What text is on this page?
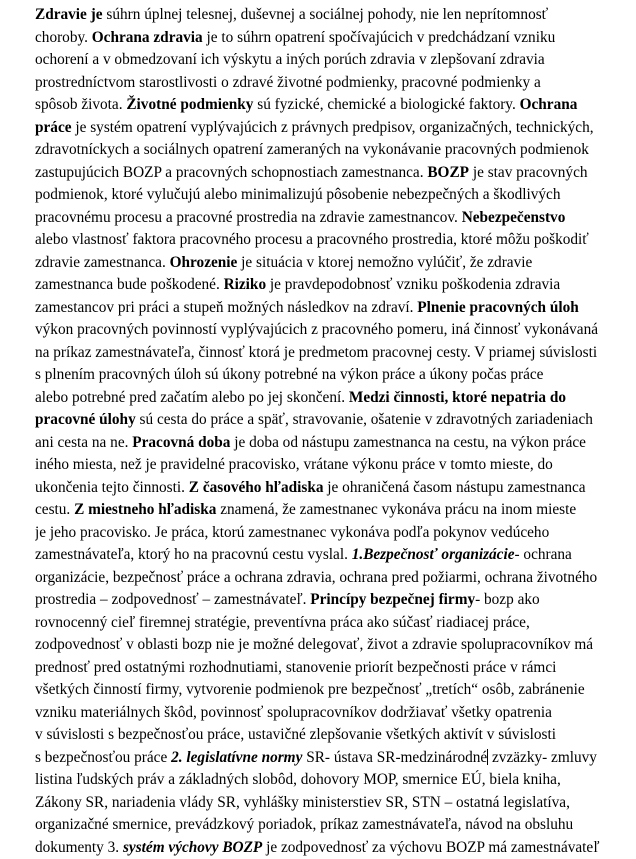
Zdravie je súhrn úplnej telesnej, duševnej a sociálnej pohody, nie len neprítomnosť
choroby. Ochrana zdravia je to súhrn opatrení spočívajúcich v predchádzaní vzniku
ochorení a v obmedzovaní ich výskytu a iných porúch zdravia v zlepšovaní zdravia
prostredníctvom starostlivosti o zdravé životné podmienky, pracovné podmienky a
spôsob života. Životné podmienky sú fyzické, chemické a biologické faktory. Ochrana
práce je systém opatrení vyplývajúcich z právnych predpisov, organizačných, technických,
zdravotníckych a sociálnych opatrení zameraných na vykonávanie pracovných podmienok
zastupujúcich BOZP a pracovných schopnostiach zamestnanca. BOZP je stav pracovných
podmienok, ktoré vylučujú alebo minimalizujú pôsobenie nebezpečných a škodlivých
pracovnému procesu a pracovné prostredia na zdravie zamestnancov. Nebezpečenstvo
alebo vlastnosť faktora pracovného procesu a pracovného prostredia, ktoré môžu poškodiť
zdravie zamestnanca. Ohrozenie je situácia v ktorej nemožno vylúčiť, že zdravie
zamestnanca bude poškodené. Riziko je pravdepodobnosť vzniku poškodenia zdravia
zamestancov pri práci a stupeň možných následkov na zdraví. Plnenie pracovných úloh
výkon pracovných povinností vyplývajúcich z pracovného pomeru, iná činnosť vykonávaná
na príkaz zamestnávateľa, činnosť ktorá je predmetom pracovnej cesty. V priamej súvislosti
s plnením pracovných úloh sú úkony potrebné na výkon práce a úkony počas práce
alebo potrebné pred začatím alebo po jej skončení. Medzi činnosti, ktoré nepatria do
pracovné úlohy sú cesta do práce a späť, stravovanie, ošatenie v zdravotných zariadeniach
ani cesta na ne. Pracovná doba je doba od nástupu zamestnanca na cestu, na výkon práce
iného miesta, než je pravidelné pracovisko, vrátane výkonu práce v tomto mieste, do
ukončenia tejto činnosti. Z časového hľadiska je ohraničená časom nástupu zamestnanca
cestu. Z miestneho hľadiska znamená, že zamestnanec vykonáva prácu na inom mieste
je jeho pracovisko. Je práca, ktorú zamestnanec vykonáva podľa pokynov vedúceho
zamestnávateľa, ktorý ho na pracovnú cestu vyslal. 1.Bezpečnosť organizácie- ochrana
organizácie, bezpečnosť práce a ochrana zdravia, ochrana pred požiarmi, ochrana životného
prostredia – zodpovednosť – zamestnávateľ. Princípy bezpečnej firmy- bozp ako
rovnocenný cieľ firemnej stratégie, preventívna práca ako súčasť riadiacej práce,
zodpovednosť v oblasti bozp nie je možné delegovať, život a zdravie spolupracovníkov má
prednosť pred ostatnými rozhodnutiami, stanovenie priorít bezpečnosti práce v rámci
všetkých činností firmy, vytvorenie podmienok pre bezpečnosť „tretích“ osôb, zabránenie
vzniku materiálnych škôd, povinnosť spolupracovníkov dodržiavať všetky opatrenia
v súvislosti s bezpečnosťou práce, ustavičné zlepšovanie všetkých aktivít v súvislosti
s bezpečnosťou práce 2. legislatívne normy SR- ústava SR-medzinárodné zvzäzky- zmluvy
listina ľudských práv a základných slobôd, dohovory MOP, smernice EÚ, biela kniha,
Zákony SR, nariadenia vlády SR, vyhlášky ministerstiev SR, STN – ostatná legislatíva,
organizačné smernice, prevádzkový poriadok, príkaz zamestnávateľa, návod na obsluhu
dokumenty 3. systém výchovy BOZP je zodpovednosť za výchovu BOZP má zamestnávateľ
